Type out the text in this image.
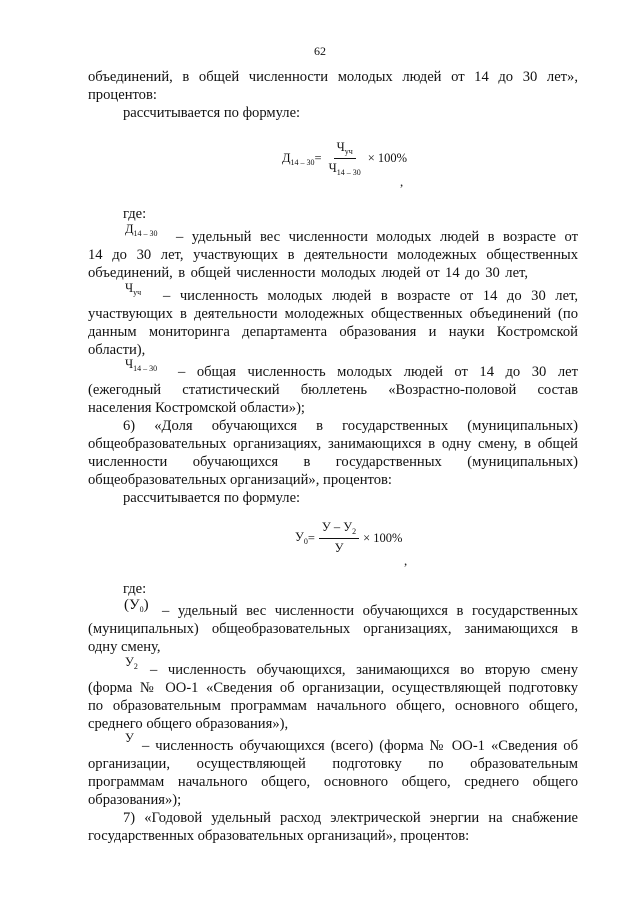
62
объединений, в общей численности молодых людей от 14 до 30 лет»,
процентов:
рассчитывается по формуле:
$Д_{14 - 30} = \frac{Ч_{уч}}{Ч_{14 - 30}} \times 100\%$
,
где:
$Д_{14 - 30}$ – удельный вес численности молодых людей в возрасте от
14 до 30 лет, участвующих в деятельности молодежных общественных
объединений, в общей численности молодых людей от 14 до 30 лет,
$Ч_{уч}$ – численность молодых людей в возрасте от 14 до 30 лет,
участвующих в деятельности молодежных общественных объединений (по
данным мониторинга департамента образования и науки Костромской
области),
$Ч_{14 - 30}$ – общая численность молодых людей от 14 до 30 лет
(ежегодный статистический бюллетень «Возрастно-половой состав
населения Костромской области»);
6) «Доля обучающихся в государственных (муниципальных)
общеобразовательных организациях, занимающихся в одну смену, в общей
численности обучающихся в государственных (муниципальных)
общеобразовательных организаций», процентов:
рассчитывается по формуле:
$У_0 = \frac{У - У_2}{У} \times 100\%$
,
где:
$(У_0)$ – удельный вес численности обучающихся в государственных
(муниципальных) общеобразовательных организациях, занимающихся в
одну смену,
$У_2$ – численность обучающихся, занимающихся во вторую смену
(форма № ОО-1 «Сведения об организации, осуществляющей подготовку
по образовательным программам начального общего, основного общего,
среднего общего образования»),
У – численность обучающихся (всего) (форма № ОО-1 «Сведения об
организации, осуществляющей подготовку по образовательным
программам начального общего, основного общего, среднего общего
образования»);
7) «Годовой удельный расход электрической энергии на снабжение
государственных образовательных организаций», процентов:
